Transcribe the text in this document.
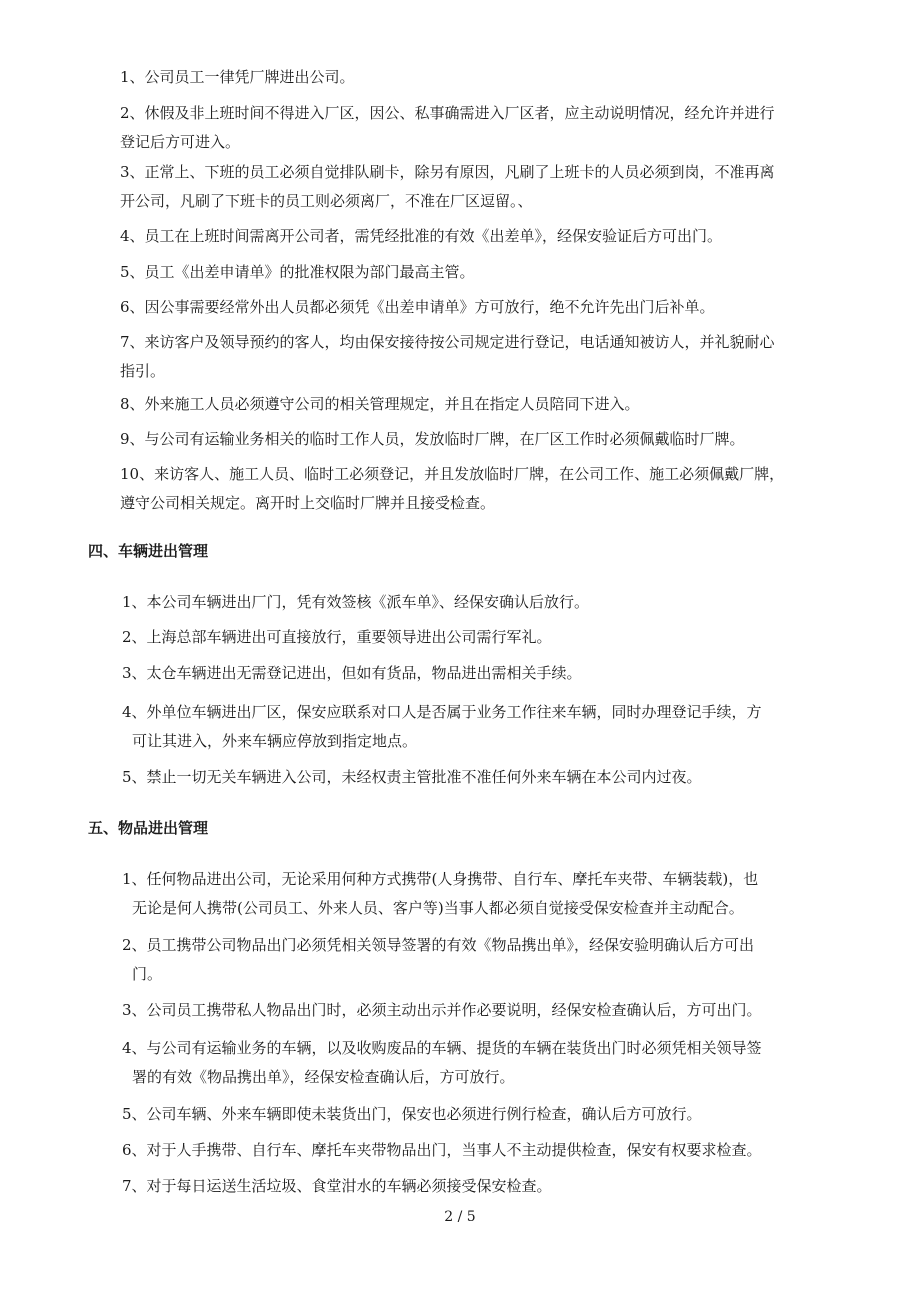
1、公司员工一律凭厂牌进出公司。

2、休假及非上班时间不得进入厂区，因公、私事确需进入厂区者，应主动说明情况，经允许并进行
登记后方可进入。

3、正常上、下班的员工必须自觉排队刷卡，除另有原因，凡刷了上班卡的人员必须到岗，不准再离
开公司，凡刷了下班卡的员工则必须离厂，不准在厂区逗留。、

4、员工在上班时间需离开公司者，需凭经批准的有效《出差单》，经保安验证后方可出门。

5、员工《出差申请单》的批准权限为部门最高主管。

6、因公事需要经常外出人员都必须凭《出差申请单》方可放行，绝不允许先出门后补单。

7、来访客户及领导预约的客人，均由保安接待按公司规定进行登记，电话通知被访人，并礼貌耐心
指引。

8、外来施工人员必须遵守公司的相关管理规定，并且在指定人员陪同下进入。

9、与公司有运输业务相关的临时工作人员，发放临时厂牌，在厂区工作时必须佩戴临时厂牌。

10、来访客人、施工人员、临时工必须登记，并且发放临时厂牌，在公司工作、施工必须佩戴厂牌，
遵守公司相关规定。离开时上交临时厂牌并且接受检查。

四、车辆进出管理

1、本公司车辆进出厂门，凭有效签核《派车单》、经保安确认后放行。

2、上海总部车辆进出可直接放行，重要领导进出公司需行军礼。

3、太仓车辆进出无需登记进出，但如有货品，物品进出需相关手续。

4、外单位车辆进出厂区，保安应联系对口人是否属于业务工作往来车辆，同时办理登记手续，方
可让其进入，外来车辆应停放到指定地点。

5、禁止一切无关车辆进入公司，未经权责主管批准不准任何外来车辆在本公司内过夜。

五、物品进出管理

1、任何物品进出公司，无论采用何种方式携带(人身携带、自行车、摩托车夹带、车辆装载)，也
无论是何人携带(公司员工、外来人员、客户等)当事人都必须自觉接受保安检查并主动配合。

2、员工携带公司物品出门必须凭相关领导签署的有效《物品携出单》，经保安验明确认后方可出
门。

3、公司员工携带私人物品出门时，必须主动出示并作必要说明，经保安检查确认后，方可出门。

4、与公司有运输业务的车辆，以及收购废品的车辆、提货的车辆在装货出门时必须凭相关领导签
署的有效《物品携出单》，经保安检查确认后，方可放行。

5、公司车辆、外来车辆即使未装货出门，保安也必须进行例行检查，确认后方可放行。

6、对于人手携带、自行车、摩托车夹带物品出门，当事人不主动提供检查，保安有权要求检查。

7、对于每日运送生活垃圾、食堂泔水的车辆必须接受保安检查。

2 / 5
